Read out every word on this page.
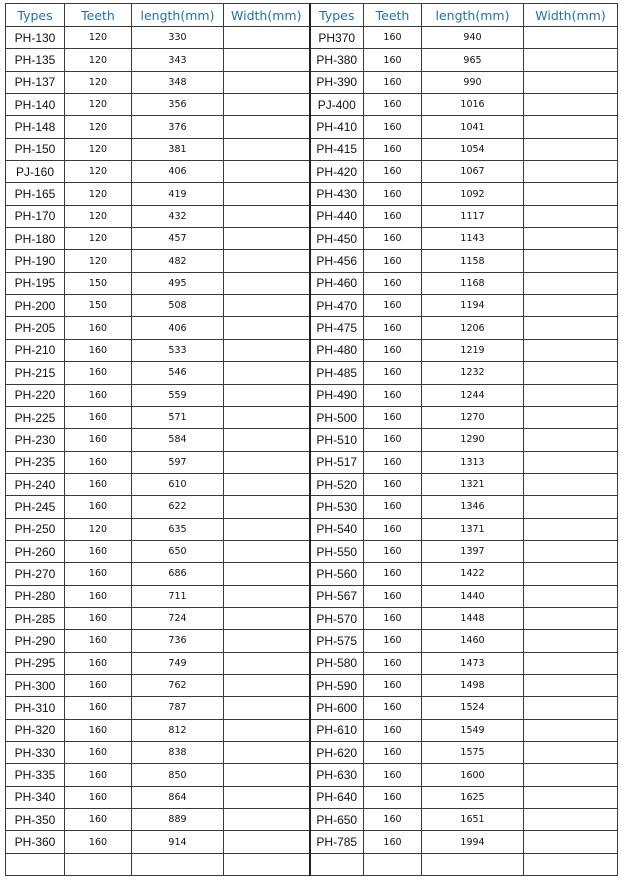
Types	Teeth	length(mm)	Width(mm)	Types	Teeth	length(mm)	Width(mm)
PH-130	120	330		PH370	160	940	
PH-135	120	343		PH-380	160	965	
PH-137	120	348		PH-390	160	990	
PH-140	120	356		PJ-400	160	1016	
PH-148	120	376		PH-410	160	1041	
PH-150	120	381		PH-415	160	1054	
PJ-160	120	406		PH-420	160	1067	
PH-165	120	419		PH-430	160	1092	
PH-170	120	432		PH-440	160	1117	
PH-180	120	457		PH-450	160	1143	
PH-190	120	482		PH-456	160	1158	
PH-195	150	495		PH-460	160	1168	
PH-200	150	508		PH-470	160	1194	
PH-205	160	406		PH-475	160	1206	
PH-210	160	533		PH-480	160	1219	
PH-215	160	546		PH-485	160	1232	
PH-220	160	559		PH-490	160	1244	
PH-225	160	571		PH-500	160	1270	
PH-230	160	584		PH-510	160	1290	
PH-235	160	597		PH-517	160	1313	
PH-240	160	610		PH-520	160	1321	
PH-245	160	622		PH-530	160	1346	
PH-250	120	635		PH-540	160	1371	
PH-260	160	650		PH-550	160	1397	
PH-270	160	686		PH-560	160	1422	
PH-280	160	711		PH-567	160	1440	
PH-285	160	724		PH-570	160	1448	
PH-290	160	736		PH-575	160	1460	
PH-295	160	749		PH-580	160	1473	
PH-300	160	762		PH-590	160	1498	
PH-310	160	787		PH-600	160	1524	
PH-320	160	812		PH-610	160	1549	
PH-330	160	838		PH-620	160	1575	
PH-335	160	850		PH-630	160	1600	
PH-340	160	864		PH-640	160	1625	
PH-350	160	889		PH-650	160	1651	
PH-360	160	914		PH-785	160	1994	
